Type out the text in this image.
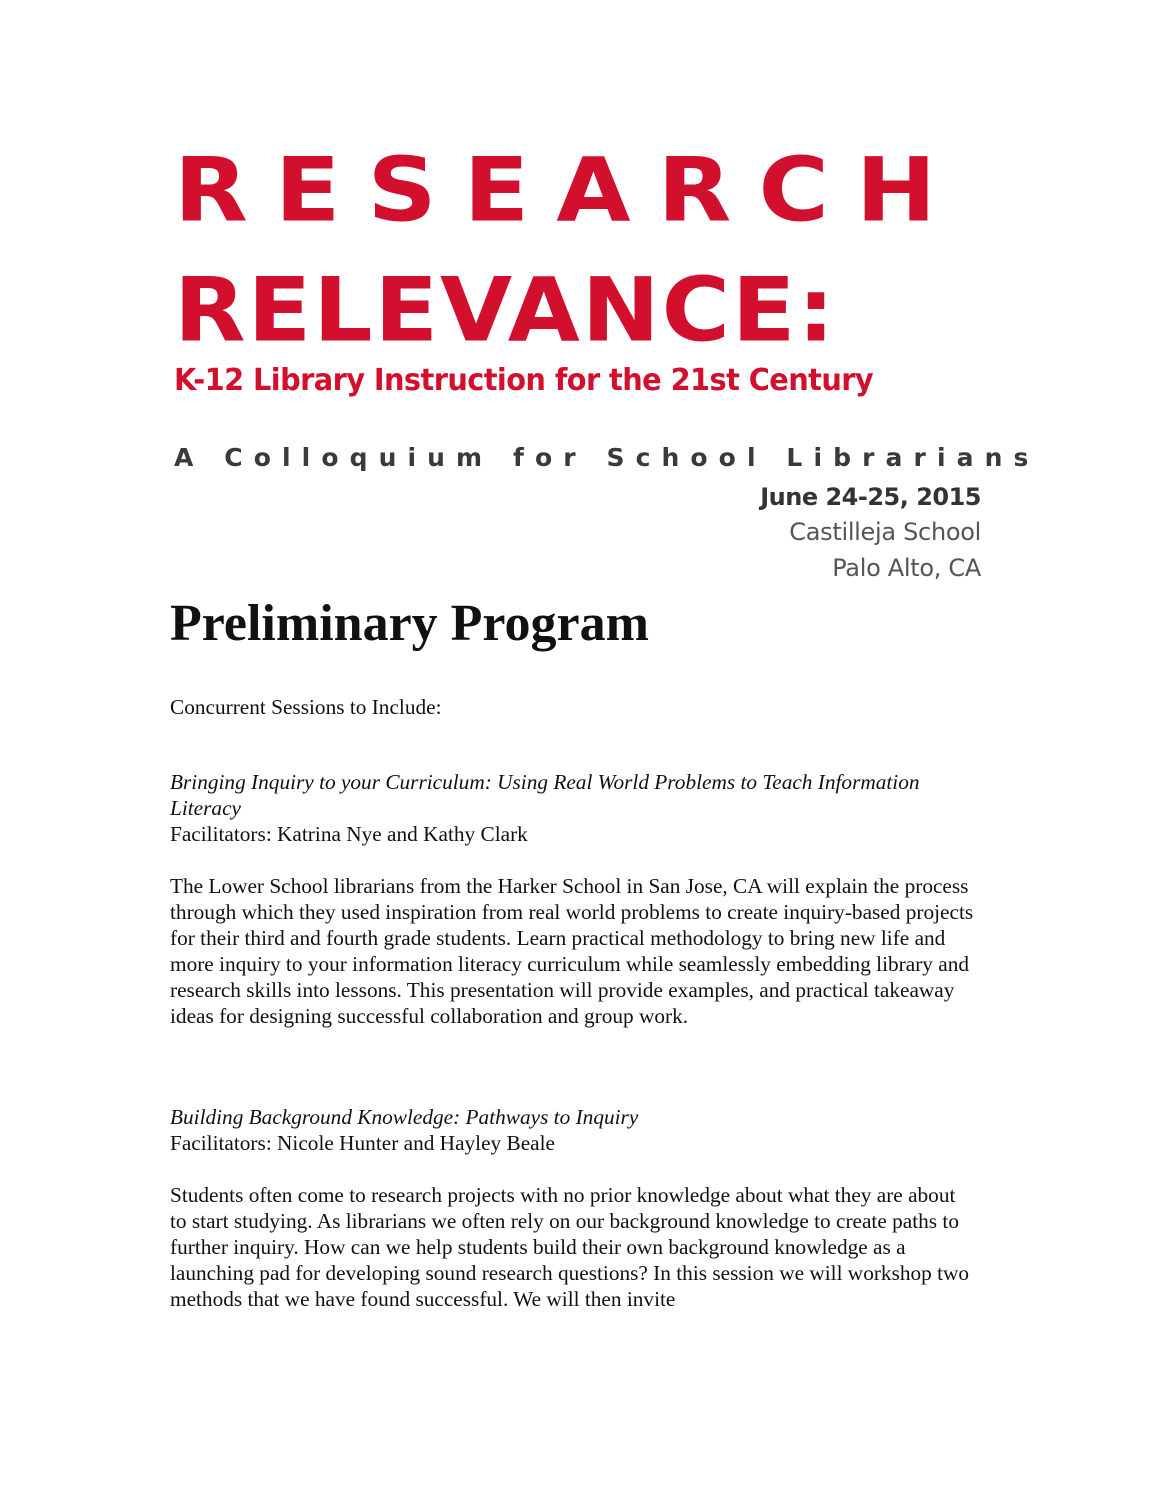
RESEARCH
RELEVANCE:
K-12 Library Instruction for the 21st Century
A Colloquium for School Librarians
June 24-25, 2015
Castilleja School
Palo Alto, CA
Preliminary Program
Concurrent Sessions to Include:
Bringing Inquiry to your Curriculum: Using Real World Problems to Teach Information Literacy
Facilitators: Katrina Nye and Kathy Clark
The Lower School librarians from the Harker School in San Jose, CA will explain the process through which they used inspiration from real world problems to create inquiry-based projects for their third and fourth grade students. Learn practical methodology to bring new life and more inquiry to your information literacy curriculum while seamlessly embedding library and research skills into lessons. This presentation will provide examples, and practical takeaway ideas for designing successful collaboration and group work.
Building Background Knowledge: Pathways to Inquiry
Facilitators: Nicole Hunter and Hayley Beale
Students often come to research projects with no prior knowledge about what they are about to start studying. As librarians we often rely on our background knowledge to create paths to further inquiry. How can we help students build their own background knowledge as a launching pad for developing sound research questions? In this session we will workshop two methods that we have found successful. We will then invite
